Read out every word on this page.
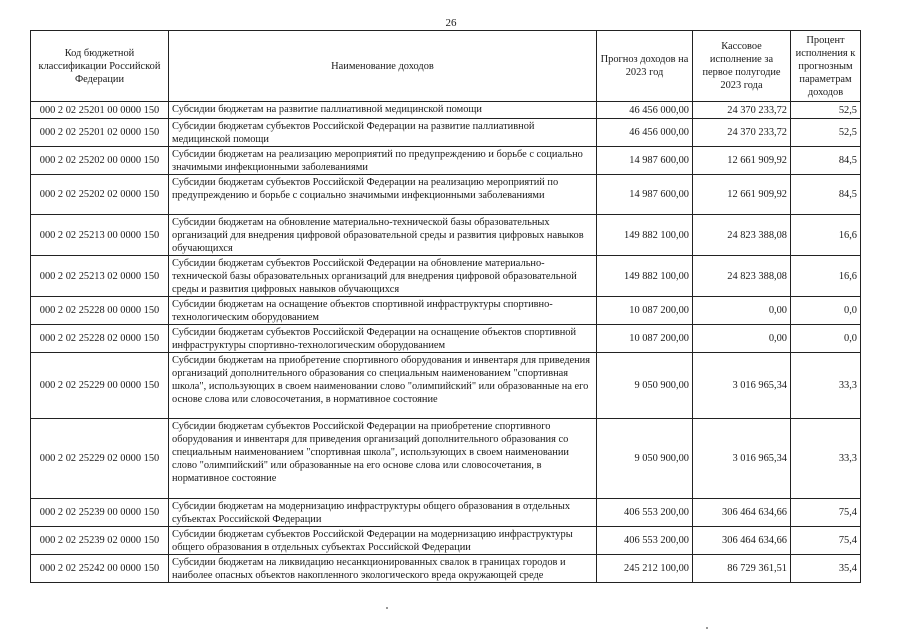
26
Код бюджетной классификации Российской Федерации	Наименование доходов	Прогноз доходов на 2023 год	Кассовое исполнение за первое полугодие 2023 года	Процент исполнения к прогнозным параметрам доходов
000 2 02 25201 00 0000 150	Субсидии бюджетам на развитие паллиативной медицинской помощи	46 456 000,00	24 370 233,72	52,5
000 2 02 25201 02 0000 150	Субсидии бюджетам субъектов Российской Федерации на развитие паллиативной медицинской помощи	46 456 000,00	24 370 233,72	52,5
000 2 02 25202 00 0000 150	Субсидии бюджетам на реализацию мероприятий по предупреждению и борьбе с социально значимыми инфекционными заболеваниями	14 987 600,00	12 661 909,92	84,5
000 2 02 25202 02 0000 150	Субсидии бюджетам субъектов Российской Федерации на реализацию мероприятий по предупреждению и борьбе с социально значимыми инфекционными заболеваниями	14 987 600,00	12 661 909,92	84,5
000 2 02 25213 00 0000 150	Субсидии бюджетам на обновление материально-технической базы образовательных организаций для внедрения цифровой образовательной среды и развития цифровых навыков обучающихся	149 882 100,00	24 823 388,08	16,6
000 2 02 25213 02 0000 150	Субсидии бюджетам субъектов Российской Федерации на обновление материально-технической базы образовательных организаций для внедрения цифровой образовательной среды и развития цифровых навыков обучающихся	149 882 100,00	24 823 388,08	16,6
000 2 02 25228 00 0000 150	Субсидии бюджетам на оснащение объектов спортивной инфраструктуры спортивно-технологическим оборудованием	10 087 200,00	0,00	0,0
000 2 02 25228 02 0000 150	Субсидии бюджетам субъектов Российской Федерации на оснащение объектов спортивной инфраструктуры спортивно-технологическим оборудованием	10 087 200,00	0,00	0,0
000 2 02 25229 00 0000 150	Субсидии бюджетам на приобретение спортивного оборудования и инвентаря для приведения организаций дополнительного образования со специальным наименованием "спортивная школа", использующих в своем наименовании слово "олимпийский" или образованные на его основе слова или словосочетания, в нормативное состояние	9 050 900,00	3 016 965,34	33,3
000 2 02 25229 02 0000 150	Субсидии бюджетам субъектов Российской Федерации на приобретение спортивного оборудования и инвентаря для приведения организаций дополнительного образования со специальным наименованием "спортивная школа", использующих в своем наименовании слово "олимпийский" или образованные на его основе слова или словосочетания, в нормативное состояние	9 050 900,00	3 016 965,34	33,3
000 2 02 25239 00 0000 150	Субсидии бюджетам на модернизацию инфраструктуры общего образования в отдельных субъектах Российской Федерации	406 553 200,00	306 464 634,66	75,4
000 2 02 25239 02 0000 150	Субсидии бюджетам субъектов Российской Федерации на модернизацию инфраструктуры общего образования в отдельных субъектах Российской Федерации	406 553 200,00	306 464 634,66	75,4
000 2 02 25242 00 0000 150	Субсидии бюджетам на ликвидацию несанкционированных свалок в границах городов и наиболее опасных объектов накопленного экологического вреда окружающей среде	245 212 100,00	86 729 361,51	35,4
